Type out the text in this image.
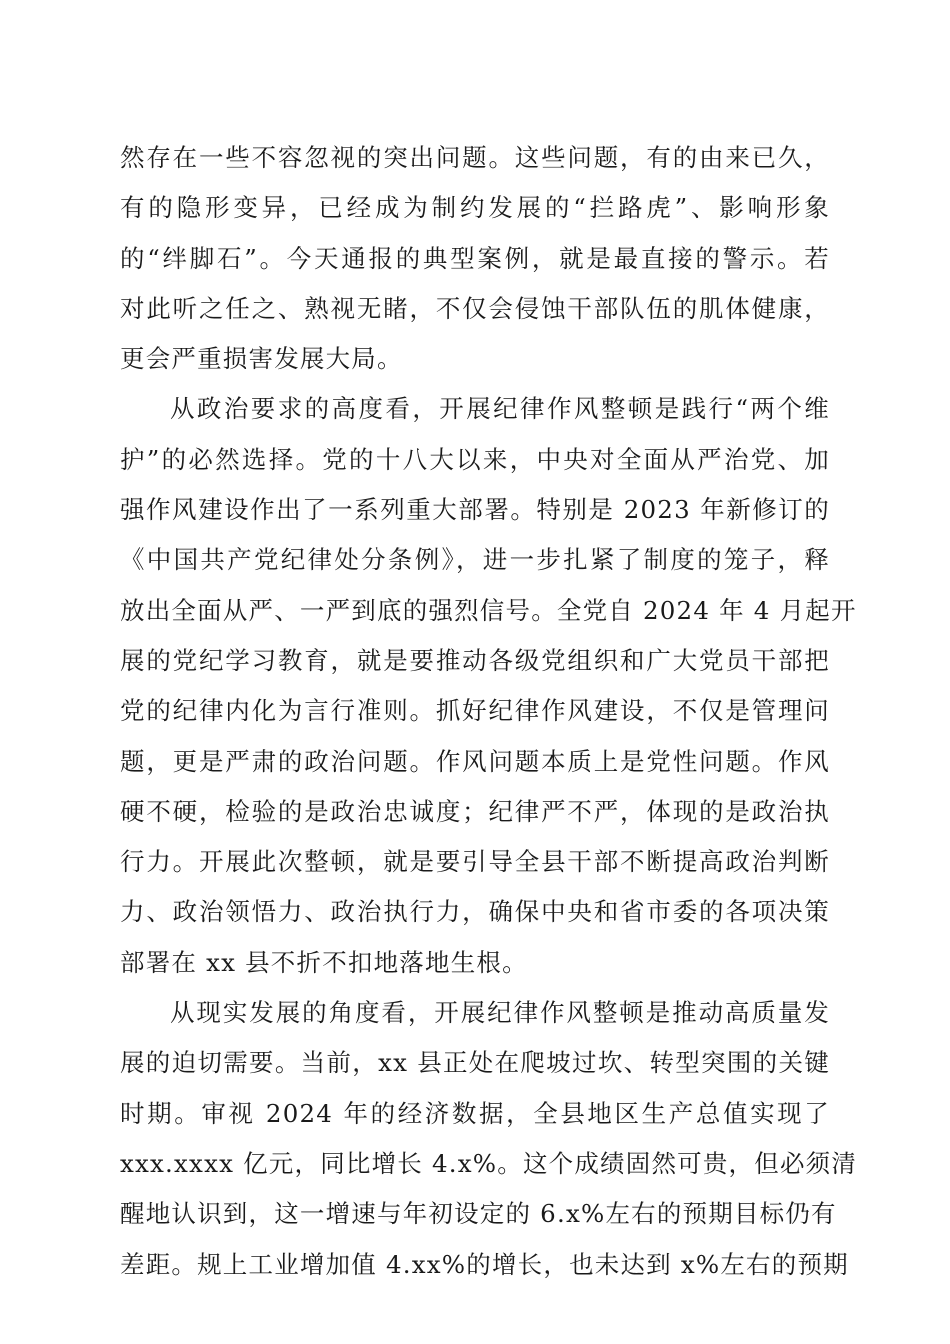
然存在一些不容忽视的突出问题。这些问题，有的由来已久，
有的隐形变异，已经成为制约发展的“拦路虎”、影响形象
的“绊脚石”。今天通报的典型案例，就是最直接的警示。若
对此听之任之、熟视无睹，不仅会侵蚀干部队伍的肌体健康，
更会严重损害发展大局。
从政治要求的高度看，开展纪律作风整顿是践行“两个维
护”的必然选择。党的十八大以来，中央对全面从严治党、加
强作风建设作出了一系列重大部署。特别是 2023 年新修订的
《中国共产党纪律处分条例》，进一步扎紧了制度的笼子，释
放出全面从严、一严到底的强烈信号。全党自 2024 年 4 月起开
展的党纪学习教育，就是要推动各级党组织和广大党员干部把
党的纪律内化为言行准则。抓好纪律作风建设，不仅是管理问
题，更是严肃的政治问题。作风问题本质上是党性问题。作风
硬不硬，检验的是政治忠诚度；纪律严不严，体现的是政治执
行力。开展此次整顿，就是要引导全县干部不断提高政治判断
力、政治领悟力、政治执行力，确保中央和省市委的各项决策
部署在 xx 县不折不扣地落地生根。
从现实发展的角度看，开展纪律作风整顿是推动高质量发
展的迫切需要。当前，xx 县正处在爬坡过坎、转型突围的关键
时期。审视 2024 年的经济数据，全县地区生产总值实现了
xxx.xxxx 亿元，同比增长 4.x%。这个成绩固然可贵，但必须清
醒地认识到，这一增速与年初设定的 6.x%左右的预期目标仍有
差距。规上工业增加值 4.xx%的增长，也未达到 x%左右的预期
